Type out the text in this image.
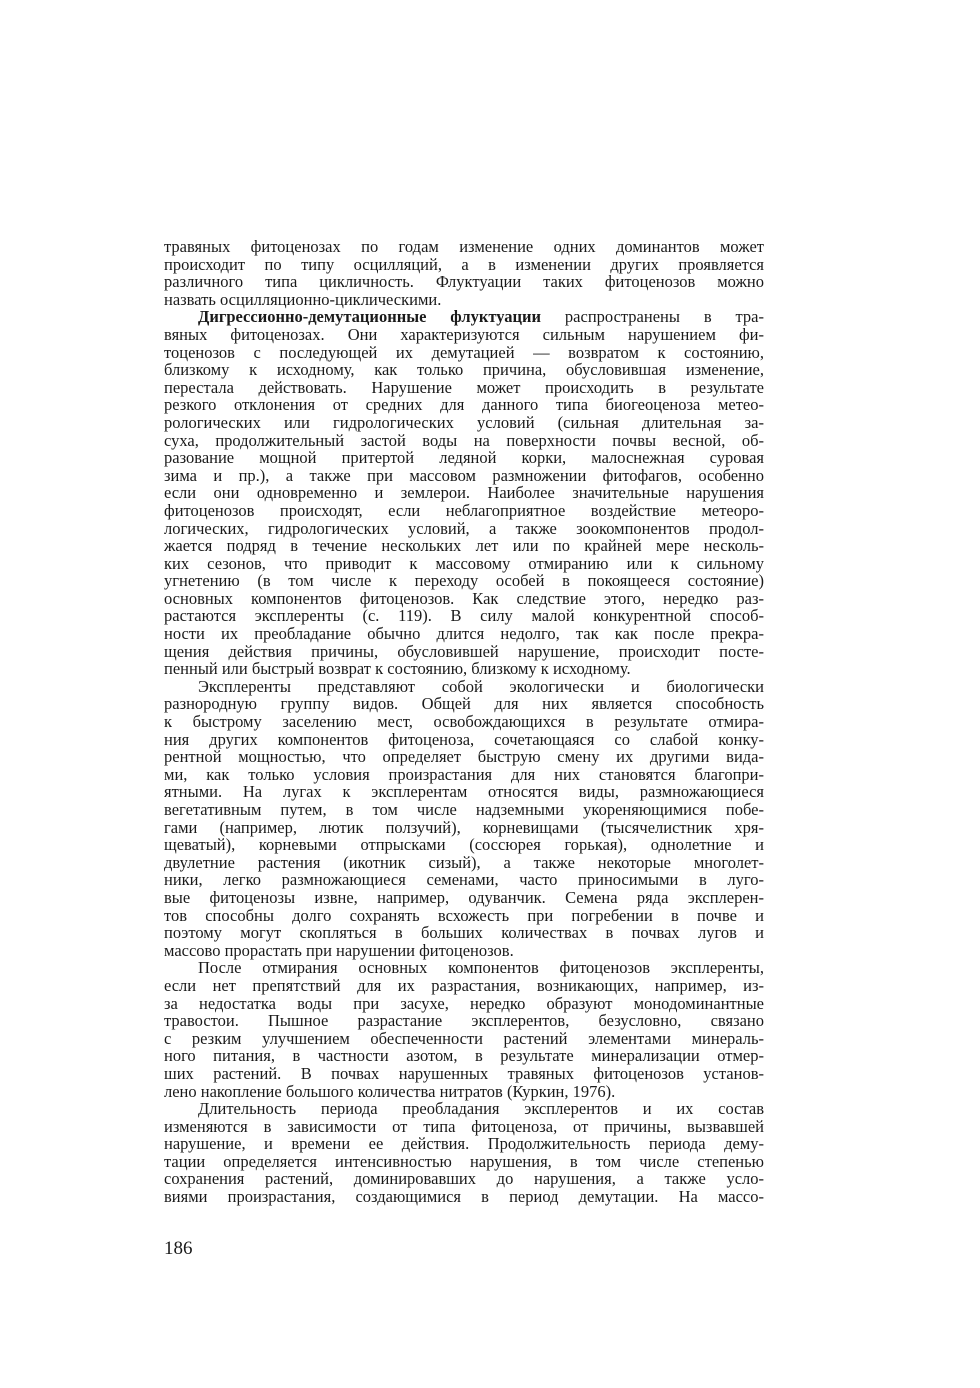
травяных фитоценозах по годам изменение одних доминантов может
происходит по типу осцилляций, а в изменении других проявляется
различного типа цикличность. Флуктуации таких фитоценозов можно
назвать осцилляционно-циклическими.

Дигрессионно-демутационные флуктуации распространены в тра-
вяных фитоценозах. Они характеризуются сильным нарушением фи-
тоценозов с последующей их демутацией — возвратом к состоянию,
близкому к исходному, как только причина, обусловившая изменение,
перестала действовать. Нарушение может происходить в результате
резкого отклонения от средних для данного типа биогеоценоза метео-
рологических или гидрологических условий (сильная длительная за-
суха, продолжительный застой воды на поверхности почвы весной, об-
разование мощной притертой ледяной корки, малоснежная суровая
зима и пр.), а также при массовом размножении фитофагов, особенно
если они одновременно и землерои. Наиболее значительные нарушения
фитоценозов происходят, если неблагоприятное воздействие метеоро-
логических, гидрологических условий, а также зоокомпонентов продол-
жается подряд в течение нескольких лет или по крайней мере несколь-
ких сезонов, что приводит к массовому отмиранию или к сильному
угнетению (в том числе к переходу особей в покоящееся состояние)
основных компонентов фитоценозов. Как следствие этого, нередко раз-
растаются эксплеренты (с. 119). В силу малой конкурентной способ-
ности их преобладание обычно длится недолго, так как после прекра-
щения действия причины, обусловившей нарушение, происходит посте-
пенный или быстрый возврат к состоянию, близкому к исходному.

Эксплеренты представляют собой экологически и биологически
разнородную группу видов. Общей для них является способность
к быстрому заселению мест, освобождающихся в результате отмира-
ния других компонентов фитоценоза, сочетающаяся со слабой конку-
рентной мощностью, что определяет быструю смену их другими вида-
ми, как только условия произрастания для них становятся благопри-
ятными. На лугах к эксплерентам относятся виды, размножающиеся
вегетативным путем, в том числе надземными укореняющимися побе-
гами (например, лютик ползучий), корневищами (тысячелистник хря-
щеватый), корневыми отпрысками (соссюрея горькая), однолетние и
двулетние растения (икотник сизый), а также некоторые многолет-
ники, легко размножающиеся семенами, часто приносимыми в луго-
вые фитоценозы извне, например, одуванчик. Семена ряда эксплерен-
тов способны долго сохранять всхожесть при погребении в почве и
поэтому могут скопляться в больших количествах в почвах лугов и
массово прорастать при нарушении фитоценозов.

После отмирания основных компонентов фитоценозов эксплеренты,
если нет препятствий для их разрастания, возникающих, например, из-
за недостатка воды при засухе, нередко образуют монодоминантные
травостои. Пышное разрастание эксплерентов, безусловно, связано
с резким улучшением обеспеченности растений элементами минераль-
ного питания, в частности азотом, в результате минерализации отмер-
ших растений. В почвах нарушенных травяных фитоценозов установ-
лено накопление большого количества нитратов (Куркин, 1976).

Длительность периода преобладания эксплерентов и их состав
изменяются в зависимости от типа фитоценоза, от причины, вызвавшей
нарушение, и времени ее действия. Продолжительность периода дему-
тации определяется интенсивностью нарушения, в том числе степенью
сохранения растений, доминировавших до нарушения, а также усло-
виями произрастания, создающимися в период демутации. На массо-

186
